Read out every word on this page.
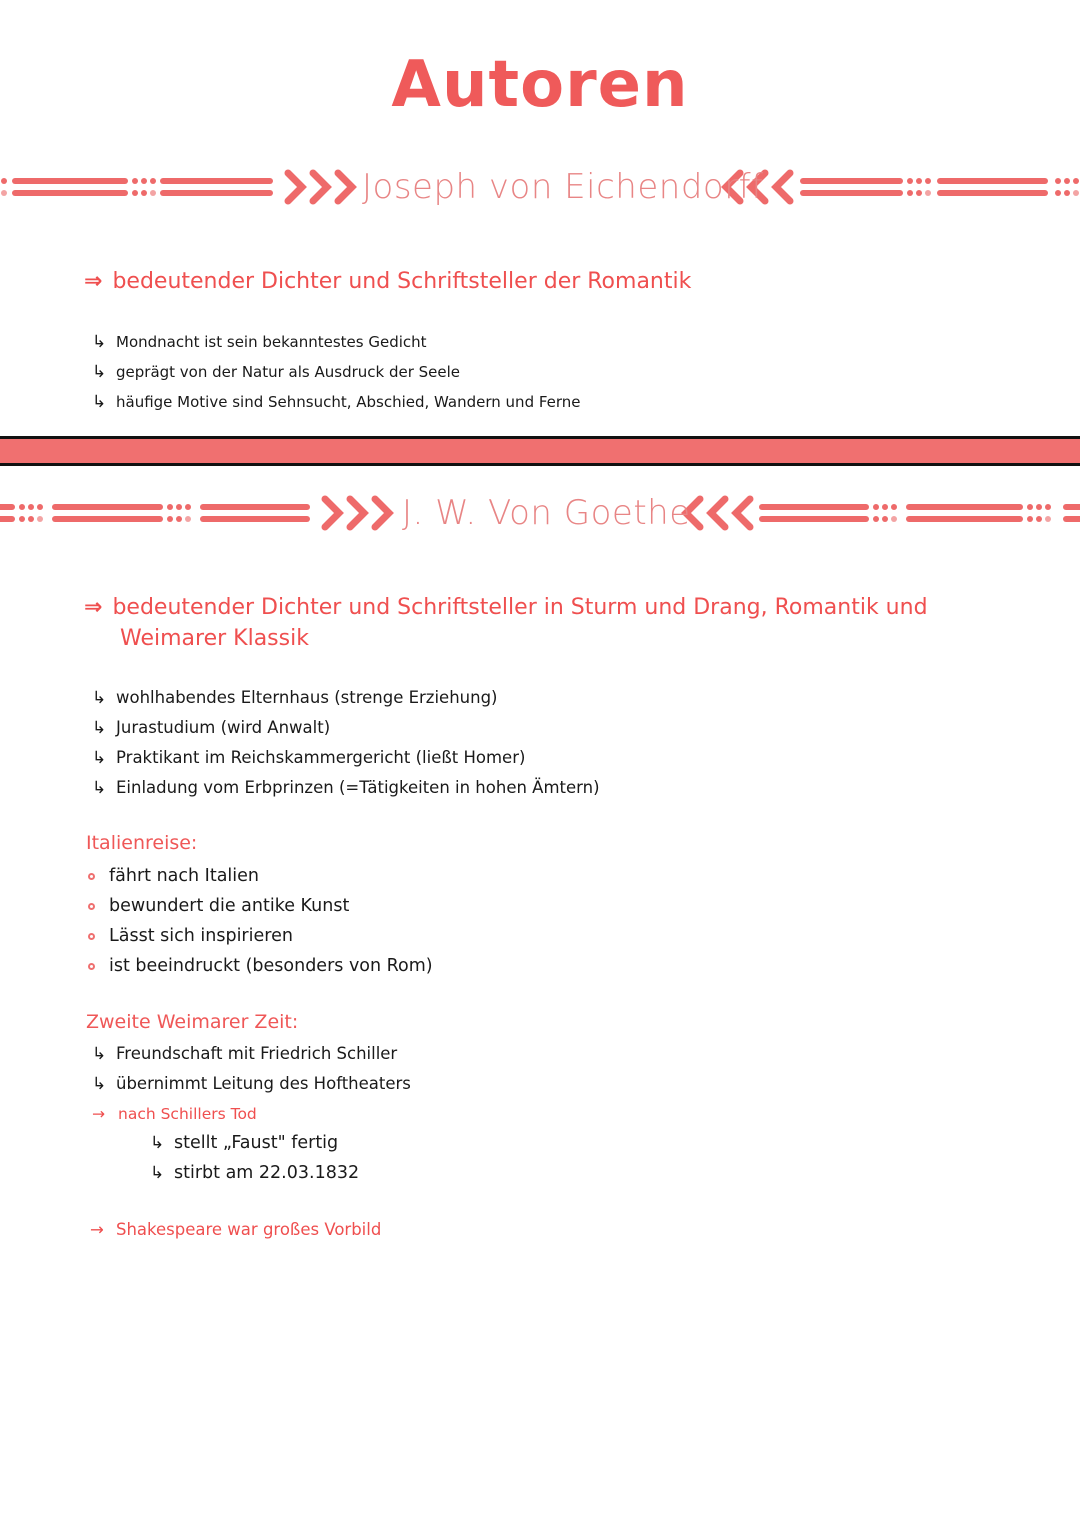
Autoren
Joseph von Eichendorff
⇒ bedeutender Dichter und Schriftsteller der Romantik
↳ Mondnacht ist sein bekanntestes Gedicht
↳ geprägt von der Natur als Ausdruck der Seele
↳ häufige Motive sind Sehnsucht, Abschied, Wandern und Ferne
J. W. Von Goethe
⇒ bedeutender Dichter und Schriftsteller in Sturm und Drang, Romantik und
Weimarer Klassik
↳ wohlhabendes Elternhaus (strenge Erziehung)
↳ Jurastudium (wird Anwalt)
↳ Praktikant im Reichskammergericht (ließt Homer)
↳ Einladung vom Erbprinzen (=Tätigkeiten in hohen Ämtern)
Italienreise:
fährt nach Italien
bewundert die antike Kunst
Lässt sich inspirieren
ist beeindruckt (besonders von Rom)
Zweite Weimarer Zeit:
↳ Freundschaft mit Friedrich Schiller
↳ übernimmt Leitung des Hoftheaters
→ nach Schillers Tod
↳ stellt „Faust" fertig
↳ stirbt am 22.03.1832
→ Shakespeare war großes Vorbild
